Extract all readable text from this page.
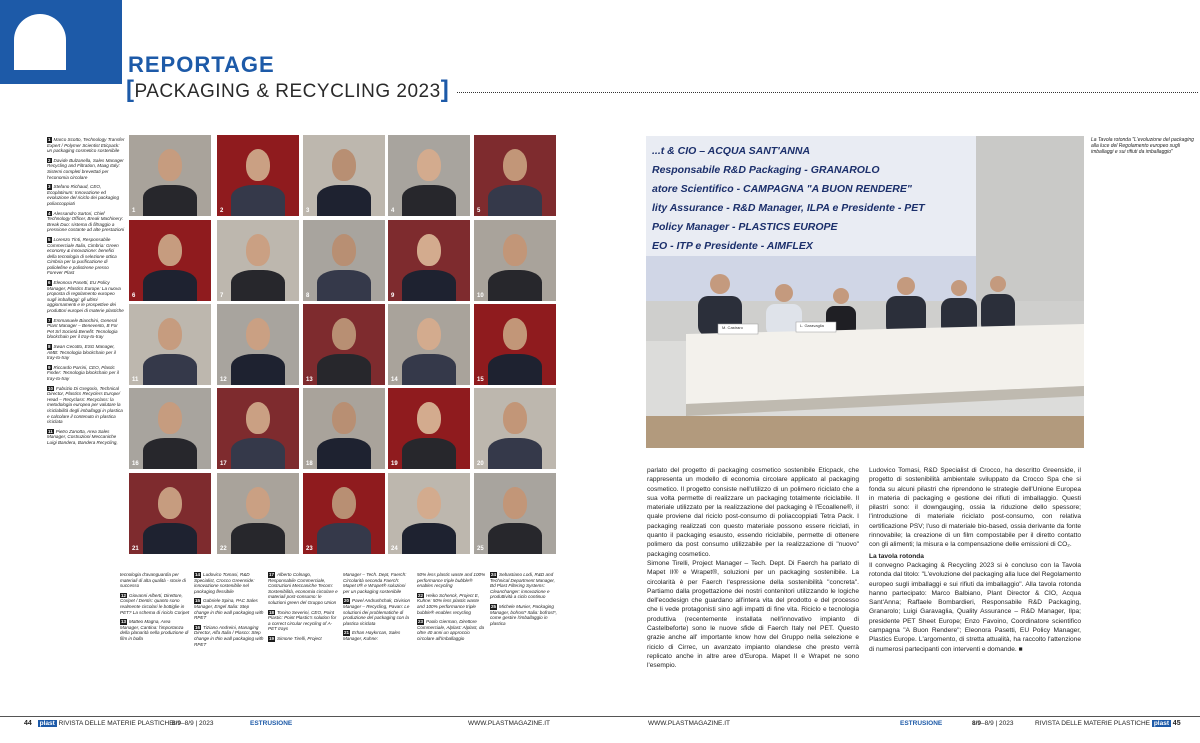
REPORTAGE
[PACKAGING & RECYCLING 2023]

1 Marco Scotto, Technology Transfer Expert / Polymer Scientist Eticpack: un packaging cosmetico sostenibile

2 Davide Bulzanella, Sales Manager Recycling and Filtration, Maag Italy: Sistemi completi brevettati per l'economia circolare

3 Stefano Richaud, CEO, Ecoplatinum: Innovazione ed evoluzione del riciclo dei packaging poliaccoppiati

4 Alessandro Sartori, Chief Technology Officer, Break Machinery: Break Duo: sistema di filtraggio a pressione costante ad alte prestazioni

5 Lorenzo Tinti, Responsabile Commerciale Italia, Cimbria: Green economy & innovazione: benefici della tecnologia di selezione ottica Cimbria per la purificazione di poliolefine e polistirene presso Forever Plast

6 Eleonora Pasetti, EU Policy Manager, Plastics Europe: La nuova proposta di regolamento europeo sugli imballaggi: gli ultimi aggiornamenti e le prospettive dei produttori europei di materie plastiche

7 Emmanuele Bianchini, General Plant Manager – Benevento, B For Pet Srl Società Benefit: Tecnologia blockchain per il tray-to-tray

8 Swan Cecotto, ESG Manager, AMB: Tecnologia blockchain per il tray-to-tray

9 Riccardo Parrini, CEO, Plastic Finder: Tecnologia blockchain per il tray-to-tray

10 Fabrizio Di Gregorio, Technical Director, Plastics Recyclers Europe/ Head – Recyclass: Recyclass: la metodologia europea per valutare la riciclabilità degli imballaggi in plastica e calcolare il contenuto in plastica riciclata

11 Pietro Zanotta, Area Sales Manager, Costruzioni Meccaniche Luigi Bandera, Bandera Recycling,

1	2	3	4	5
6	7	8	9	10
11	12	13	14	15
16	17	18	19	20
21	22	23	24	25

tecnologia d'avanguardia per materiali di alta qualità - storie di successo

12 Giovanni Alberti, Direttore, Coripet / Dentis: quanto sono realmente circolari le bottiglie in PET? La schema di riciclo Coripet

13 Matteo Magna, Area Manager, Cantina: l'importanza della planarità nella produzione di film in bolla

14 Ludovico Tomasi, R&D Specialist, Crocco Greenside: innovazione sostenibile nel packaging flessibile

15 Gabriele Spina, PAC Sales Manager, Engel Italia: Step change in thin wall packaging with RPET

16 Tiziano Andreini, Managing Director, Alfa Italia / Plasco: Step change in thin wall packaging with RPET

17 Alberto Colnago, Responsabile Commerciale, Costruzioni Meccaniche Tecom: Sostenibilità, economia circolare e materiali post-consumo: le soluzioni green del Gruppo Union

18 Tonino Severini, CEO, Point Plastic: Point Plastic's solution for a correct circular recycling of A-PET trays

19 Simone Tirelli, Project

Manager – Tech. Dept, Faerch: Circolarità seconda Faerch: Mapet II® e Wrapet® soluzioni per un packaging sostenibile

20 Pavel Andrushchak, Division Manager – Recycling, Pavan: Le soluzioni dei problematiche di produzione del packaging con la plastica riciclata

21 Erhan Haykırcan, Sales Manager, Kuhne:

50% less plastic waste and 100% performance triple bubble® enables recycling

22 Heiko Schenck, Project E, Kuhne: 50% less plastic waste and 100% performance triple bubble® enables recycling

23 Paolo Gierman, Direttore Commerciale, Alplast: Alplast, da oltre 40 anni un approccio circolare all'imballaggio

24 Sebastiano Lodi, R&D and Technical Department Manager, Bd Plast Filtering Systems: Cleanchanger: innovazione e produttività a ciclo continuo

25 Michele Munier, Packaging Manager, bofrost* Italia: bofrost*, come gestire l'imballaggio in plastica

...t & CIO – ACQUA SANT'ANNA
Responsabile R&D Packaging - GRANAROLO
atore Scientifico - CAMPAGNA "A BUON RENDERE"
lity Assurance - R&D Manager, ILPA e Presidente - PET
Policy Manager - PLASTICS EUROPE
EO - ITP e Presidente - AIMFLEX
M. Castraro	L. Garavaglia
La Tavola rotonda "L'evoluzione del packaging alla luce del Regolamento europeo sugli imballaggi e sui rifiuti da imballaggio"

parlato del progetto di packaging cosmetico sostenibile Eticpack, che rappresenta un modello di economia circolare applicato al packaging cosmetico. Il progetto consiste nell'utilizzo di un polimero riciclato che a sua volta permette di realizzare un packaging totalmente riciclabile. Il materiale utilizzato per la realizzazione del packaging è l'Ecoallene®, il quale proviene dal riciclo post-consumo di poliaccoppiati Tetra Pack. I packaging realizzati con questo materiale possono essere riciclati, in quanto il packaging esausto, essendo riciclabile, permette di ottenere polimero da post consumo utilizzabile per la realizzazione di "nuovo" packaging cosmetico.

Simone Tirelli, Project Manager – Tech. Dept. Di Faerch ha parlato di Mapet II® e Wrapet®, soluzioni per un packaging sostenibile. La circolarità è per Faerch l'espressione della sostenibilità "concreta". Partiamo dalla progettazione dei nostri contenitori utilizzando le logiche dell'ecodesign che guardano all'intera vita del prodotto e del processo che li vede protagonisti sino agli impatti di fine vita. Riciclo e tecnologia produttiva (recentemente installata nell'innovativo impianto di Castelbeforte) sono le nuove sfide di Faerch Italy nel PET. Questo grazie anche all' importante know how del Gruppo nella selezione e riciclo di Cirrec, un avanzato impianto olandese che presto verrà replicato anche in altre aree d'Europa. Mapet II e Wrapet ne sono l'esempio.

Ludovico Tomasi, R&D Specialist di Crocco, ha descritto Greenside, il progetto di sostenibilità ambientale sviluppato da Crocco Spa che si fonda su alcuni pilastri che riprendono le strategie dell'Unione Europea in materia di packaging e gestione dei rifiuti di imballaggio. Questi pilastri sono: il downgauging, ossia la riduzione dello spessore; l'introduzione di materiale riciclato post-consumo, con relativa certificazione PSV; l'uso di materiale bio-based, ossia derivante da fonte rinnovabile; la creazione di un film compostabile per il diretto contatto con gli alimenti; la misura e la compensazione delle emissioni di CO₂.

La tavola rotonda

Il convegno Packaging & Recycling 2023 si è concluso con la Tavola rotonda dal titolo: "L'evoluzione del packaging alla luce del Regolamento europeo sugli imballaggi e sui rifiuti da imballaggio". Alla tavola rotonda hanno partecipato: Marco Balbiano, Plant Director & CIO, Acqua Sant'Anna; Raffaele Bombardieri, Responsabile R&D Packaging, Granarolo; Luigi Garavaglia, Quality Assurance – R&D Manager, Ilpa; presidente PET Sheet Europe; Enzo Favoino, Coordinatore scientifico campagna "A Buon Rendere"; Eleonora Pasetti, EU Policy Manager, Plastics Europe. L'argomento, di stretta attualità, ha raccolto l'attenzione di numerosi partecipanti con interventi e domande. ■

44 plast RIVISTA DELLE MATERIE PLASTICHE
8/9–8/9 | 2023	ESTRUSIONE	WWW.PLASTMAGAZINE.IT	WWW.PLASTMAGAZINE.IT	ESTRUSIONE	8/9–8/9 | 2023	RIVISTA DELLE MATERIE PLASTICHE plast 45
